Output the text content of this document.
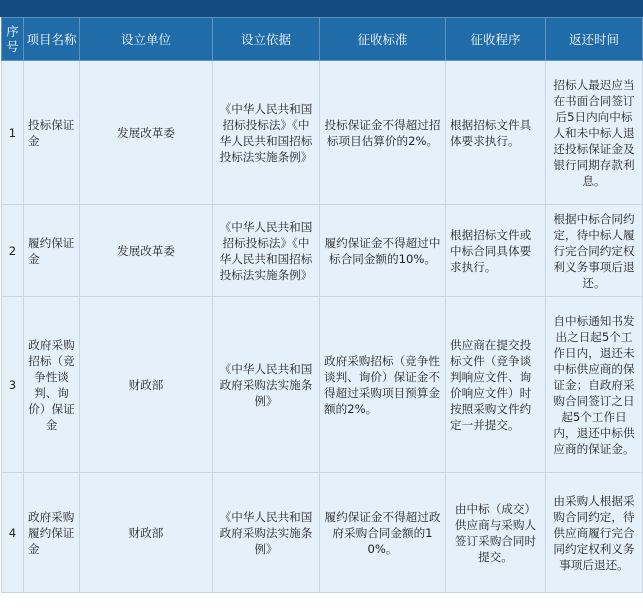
序号	项目名称	设立单位	设立依据	征收标准	征收程序	返还时间
1	投标保证金	发展改革委	《中华人民共和国招标投标法》《中华人民共和国招标投标法实施条例》	投标保证金不得超过招标项目估算价的2%。	根据招标文件具体要求执行。	招标人最迟应当在书面合同签订后5日内向中标人和未中标人退还投标保证金及银行同期存款利息。
2	履约保证金	发展改革委	《中华人民共和国招标投标法》《中华人民共和国招标投标法实施条例》	履约保证金不得超过中标合同金额的10%。	根据招标文件或中标合同具体要求执行。	根据中标合同约定，待中标人履行完合同约定权利义务事项后退还。
3	政府采购招标（竞争性谈判、询价）保证金	财政部	《中华人民共和国政府采购法实施条例》	政府采购招标（竞争性谈判、询价）保证金不得超过采购项目预算金额的2%。	供应商在提交投标文件（竞争谈判响应文件、询价响应文件）时按照采购文件约定一并提交。	自中标通知书发出之日起5个工作日内，退还未中标供应商的保证金；自政府采购合同签订之日起5个工作日内，退还中标供应商的保证金。
4	政府采购履约保证金	财政部	《中华人民共和国政府采购法实施条例》	履约保证金不得超过政府采购合同金额的10%。	由中标（成交）供应商与采购人签订采购合同时提交。	由采购人根据采购合同约定，待供应商履行完合同约定权利义务事项后退还。
